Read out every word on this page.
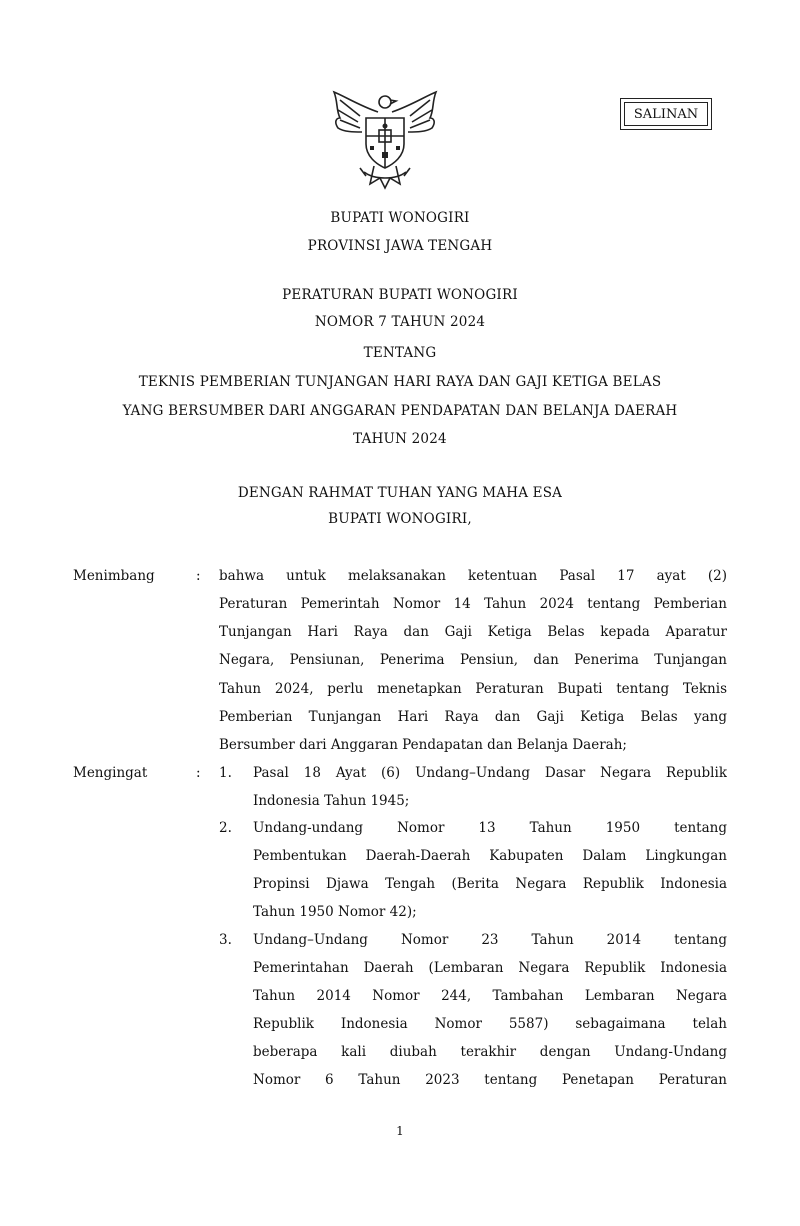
SALINAN
BUPATI WONOGIRI
PROVINSI JAWA TENGAH
PERATURAN BUPATI WONOGIRI
NOMOR 7 TAHUN 2024
TENTANG
TEKNIS PEMBERIAN TUNJANGAN HARI RAYA DAN GAJI KETIGA BELAS
YANG BERSUMBER DARI ANGGARAN PENDAPATAN DAN BELANJA DAERAH
TAHUN 2024
DENGAN RAHMAT TUHAN YANG MAHA ESA
BUPATI WONOGIRI,
Menimbang	: bahwa untuk melaksanakan ketentuan Pasal 17 ayat (2)
Peraturan Pemerintah Nomor 14 Tahun 2024 tentang Pemberian
Tunjangan Hari Raya dan Gaji Ketiga Belas kepada Aparatur
Negara, Pensiunan, Penerima Pensiun, dan Penerima Tunjangan
Tahun 2024, perlu menetapkan Peraturan Bupati tentang Teknis
Pemberian Tunjangan Hari Raya dan Gaji Ketiga Belas yang
Bersumber dari Anggaran Pendapatan dan Belanja Daerah;
Mengingat	: 1. Pasal 18 Ayat (6) Undang–Undang Dasar Negara Republik
Indonesia Tahun 1945;
2. Undang-undang Nomor 13 Tahun 1950 tentang
Pembentukan Daerah-Daerah Kabupaten Dalam Lingkungan
Propinsi Djawa Tengah (Berita Negara Republik Indonesia
Tahun 1950 Nomor 42);
3. Undang–Undang Nomor 23 Tahun 2014 tentang
Pemerintahan Daerah (Lembaran Negara Republik Indonesia
Tahun 2014 Nomor 244, Tambahan Lembaran Negara
Republik Indonesia Nomor 5587) sebagaimana telah
beberapa kali diubah terakhir dengan Undang-Undang
Nomor 6 Tahun 2023 tentang Penetapan Peraturan
1
